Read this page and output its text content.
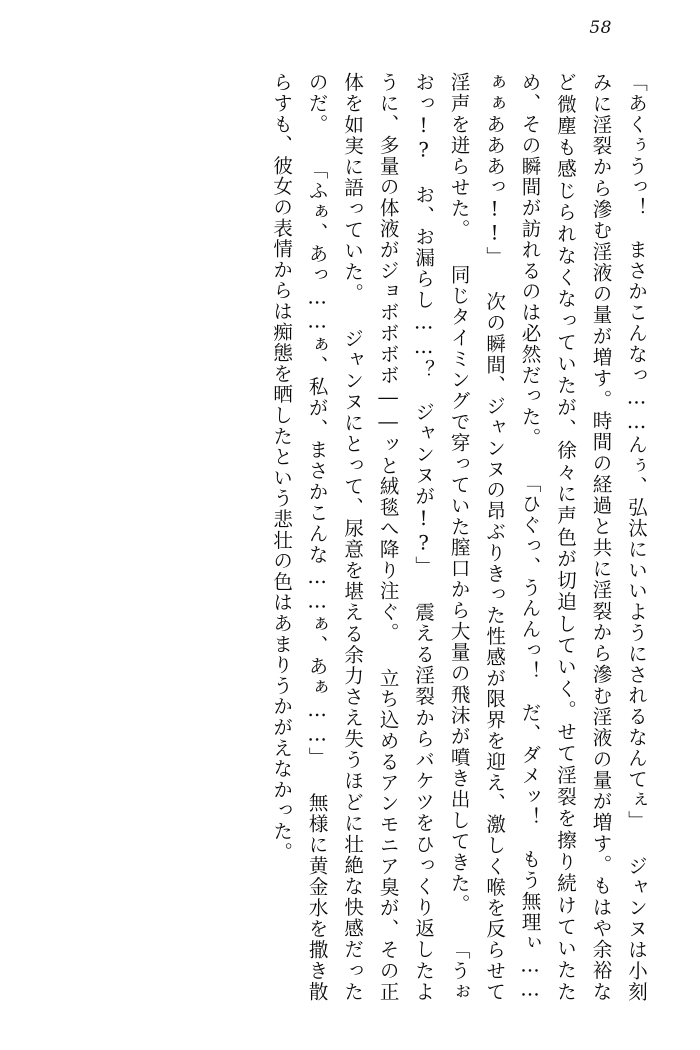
58

「あくぅうっ！　まさかこんなっ……んぅ、弘汰にいいようにされるなんてぇ」 ジャンヌは小刻みに淫裂から滲む淫液の量が増す。時間の経過と共に淫裂から滲む淫液の量が増す。もはや余裕など微塵も感じられなくなっていたが、徐々に声色が切迫していく。せて淫裂を擦り続けていたため、その瞬間が訪れるのは必然だった。 「ひぐっ、うんんっ！　だ、ダメッ！　もう無理ぃ……ぁぁあああっ!!」 次の瞬間、ジャンヌの昂ぶりきった性感が限界を迎え、激しく喉を反らせて淫声を迸らせた。 同じタイミングで穿っていた膣口から大量の飛沫が噴き出してきた。 「うぉおっ!?　お、お漏らし……？　ジャンヌが!?」 震える淫裂からバケツをひっくり返したように、多量の体液がジョボボボボ――ッと絨毯へ降り注ぐ。 立ち込めるアンモニア臭が、その正体を如実に語っていた。 ジャンヌにとって、尿意を堪える余力さえ失うほどに壮絶な快感だったのだ。 「ふぁ、あっ……ぁ、私が、まさかこんな……ぁ、あぁ……」 無様に黄金水を撒き散らすも、彼女の表情からは痴態を晒したという悲壮の色はあまりうかがえなかった。
